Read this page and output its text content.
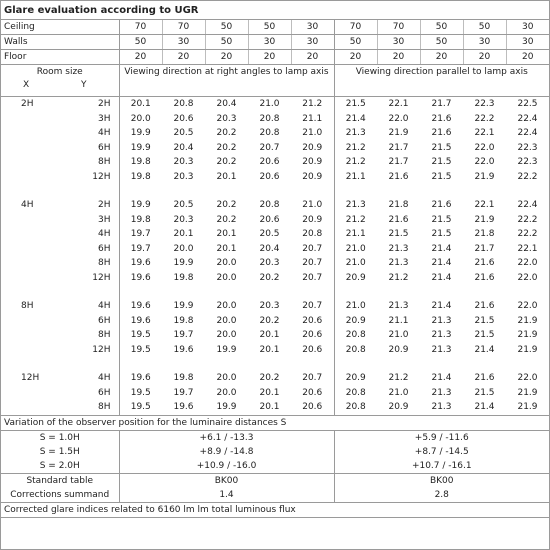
Glare evaluation according to UGR
Ceiling	70	70	50	50	30	70	70	50	50	30
Walls	50	30	50	30	30	50	30	50	30	30
Floor	20	20	20	20	20	20	20	20	20	20
Room size
X	Y
	Viewing direction at right angles to lamp axis	Viewing direction parallel to lamp axis
2H	2H	20.1	20.8	20.4	21.0	21.2	21.5	22.1	21.7	22.3	22.5
	3H	20.0	20.6	20.3	20.8	21.1	21.4	22.0	21.6	22.2	22.4
	4H	19.9	20.5	20.2	20.8	21.0	21.3	21.9	21.6	22.1	22.4
	6H	19.9	20.4	20.2	20.7	20.9	21.2	21.7	21.5	22.0	22.3
	8H	19.8	20.3	20.2	20.6	20.9	21.2	21.7	21.5	22.0	22.3
	12H	19.8	20.3	20.1	20.6	20.9	21.1	21.6	21.5	21.9	22.2

4H	2H	19.9	20.5	20.2	20.8	21.0	21.3	21.8	21.6	22.1	22.4
	3H	19.8	20.3	20.2	20.6	20.9	21.2	21.6	21.5	21.9	22.2
	4H	19.7	20.1	20.1	20.5	20.8	21.1	21.5	21.5	21.8	22.2
	6H	19.7	20.0	20.1	20.4	20.7	21.0	21.3	21.4	21.7	22.1
	8H	19.6	19.9	20.0	20.3	20.7	21.0	21.3	21.4	21.6	22.0
	12H	19.6	19.8	20.0	20.2	20.7	20.9	21.2	21.4	21.6	22.0

8H	4H	19.6	19.9	20.0	20.3	20.7	21.0	21.3	21.4	21.6	22.0
	6H	19.6	19.8	20.0	20.2	20.6	20.9	21.1	21.3	21.5	21.9
	8H	19.5	19.7	20.0	20.1	20.6	20.8	21.0	21.3	21.5	21.9
	12H	19.5	19.6	19.9	20.1	20.6	20.8	20.9	21.3	21.4	21.9

12H	4H	19.6	19.8	20.0	20.2	20.7	20.9	21.2	21.4	21.6	22.0
	6H	19.5	19.7	20.0	20.1	20.6	20.8	21.0	21.3	21.5	21.9
	8H	19.5	19.6	19.9	20.1	20.6	20.8	20.9	21.3	21.4	21.9
Variation of the observer position for the luminaire distances S
S = 1.0H	+6.1 / -13.3	+5.9 / -11.6
S = 1.5H	+8.9 / -14.8	+8.7 / -14.5
S = 2.0H	+10.9 / -16.0	+10.7 / -16.1
Standard table	BK00	BK00
Corrections summand	1.4	2.8
Corrected glare indices related to 6160 lm lm total luminous flux
